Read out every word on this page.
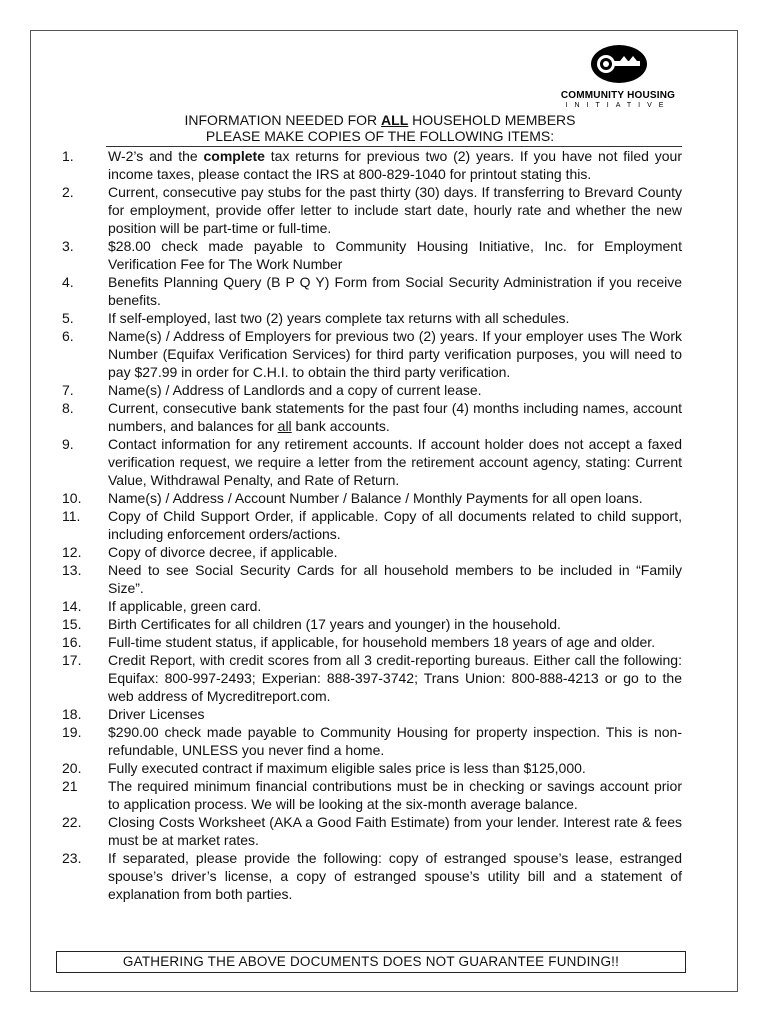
COMMUNITY HOUSING
INITIATIVE
INFORMATION NEEDED FOR ALL HOUSEHOLD MEMBERS
PLEASE MAKE COPIES OF THE FOLLOWING ITEMS:
1.	W-2’s and the complete tax returns for previous two (2) years. If you have not filed your income taxes, please contact the IRS at 800-829-1040 for printout stating this.
2.	Current, consecutive pay stubs for the past thirty (30) days. If transferring to Brevard County for employment, provide offer letter to include start date, hourly rate and whether the new position will be part-time or full-time.
3.	$28.00 check made payable to Community Housing Initiative, Inc. for Employment Verification Fee for The Work Number
4.	Benefits Planning Query (B P Q Y) Form from Social Security Administration if you receive benefits.
5.	If self-employed, last two (2) years complete tax returns with all schedules.
6.	Name(s) / Address of Employers for previous two (2) years. If your employer uses The Work Number (Equifax Verification Services) for third party verification purposes, you will need to pay $27.99 in order for C.H.I. to obtain the third party verification.
7.	Name(s) / Address of Landlords and a copy of current lease.
8.	Current, consecutive bank statements for the past four (4) months including names, account numbers, and balances for all bank accounts.
9.	Contact information for any retirement accounts. If account holder does not accept a faxed verification request, we require a letter from the retirement account agency, stating: Current Value, Withdrawal Penalty, and Rate of Return.
10.	Name(s) / Address / Account Number / Balance / Monthly Payments for all open loans.
11.	Copy of Child Support Order, if applicable. Copy of all documents related to child support, including enforcement orders/actions.
12.	Copy of divorce decree, if applicable.
13.	Need to see Social Security Cards for all household members to be included in “Family Size”.
14.	If applicable, green card.
15.	Birth Certificates for all children (17 years and younger) in the household.
16.	Full-time student status, if applicable, for household members 18 years of age and older.
17.	Credit Report, with credit scores from all 3 credit-reporting bureaus. Either call the following: Equifax: 800-997-2493; Experian: 888-397-3742; Trans Union: 800-888-4213 or go to the web address of Mycreditreport.com.
18.	Driver Licenses
19.	$290.00 check made payable to Community Housing for property inspection. This is non-refundable, UNLESS you never find a home.
20.	Fully executed contract if maximum eligible sales price is less than $125,000.
21	The required minimum financial contributions must be in checking or savings account prior to application process. We will be looking at the six-month average balance.
22.	Closing Costs Worksheet (AKA a Good Faith Estimate) from your lender. Interest rate & fees must be at market rates.
23.	If separated, please provide the following: copy of estranged spouse’s lease, estranged spouse’s driver’s license, a copy of estranged spouse’s utility bill and a statement of explanation from both parties.
GATHERING THE ABOVE DOCUMENTS DOES NOT GUARANTEE FUNDING!!
